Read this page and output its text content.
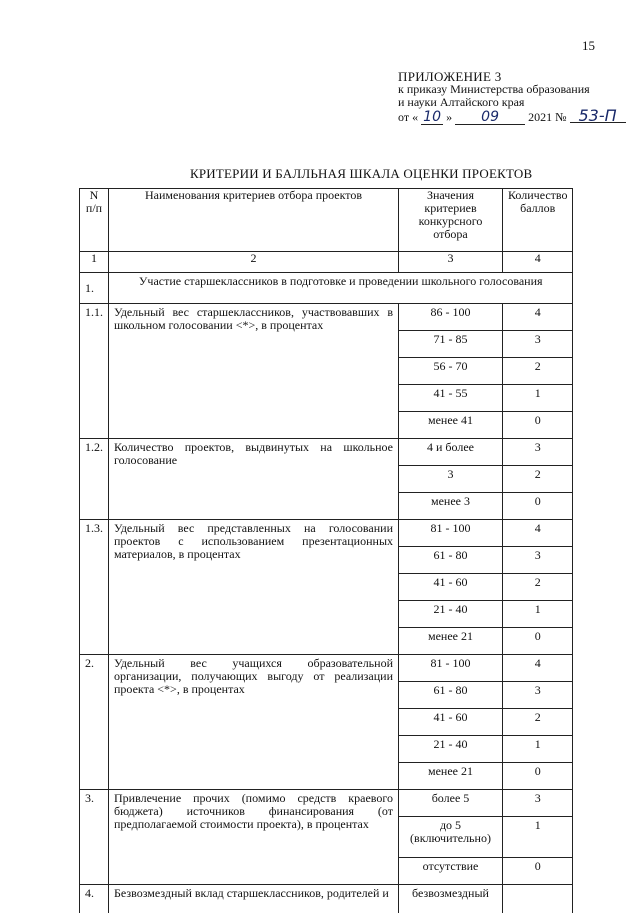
15
ПРИЛОЖЕНИЕ 3
к приказу Министерства образования
и науки Алтайского края
от « 10 »	09	2021 № 53-П
КРИТЕРИИ И БАЛЛЬНАЯ ШКАЛА ОЦЕНКИ ПРОЕКТОВ
N п/п	Наименования критериев отбора проектов	Значения критериев конкурсного отбора	Количество баллов
1	2	3	4
1.	Участие старшеклассников в подготовке и проведении школьного голосования		
1.1.	Удельный вес старшеклассников, участвовавших в школьном голосовании <*>, в процентах	86 - 100	4
		71 - 85	3
		56 - 70	2
		41 - 55	1
		менее 41	0
1.2.	Количество проектов, выдвинутых на школьное голосование	4 и более	3
		3	2
		менее 3	0
1.3.	Удельный вес представленных на голосовании проектов с использованием презентационных материалов, в процентах	81 - 100	4
		61 - 80	3
		41 - 60	2
		21 - 40	1
		менее 21	0
2.	Удельный вес учащихся образовательной организации, получающих выгоду от реализации проекта <*>, в процентах	81 - 100	4
		61 - 80	3
		41 - 60	2
		21 - 40	1
		менее 21	0
3.	Привлечение прочих (помимо средств краевого бюджета) источников финансирования (от предполагаемой стоимости проекта), в процентах	более 5	3
		до 5 (включительно)	1
		отсутствие	0
4.	Безвозмездный вклад старшеклассников, родителей и	безвозмездный	
